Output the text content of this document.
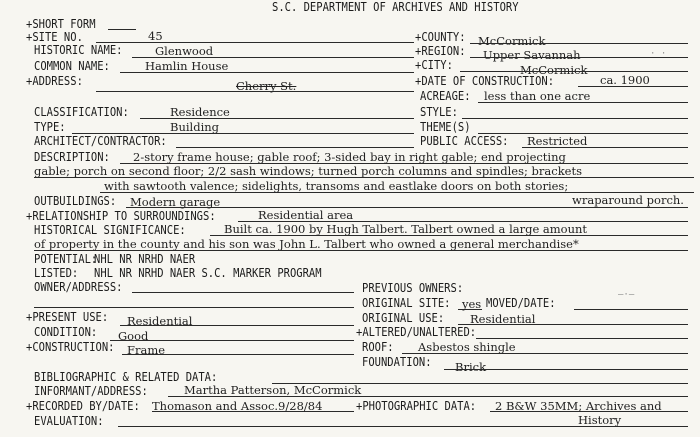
S.C. DEPARTMENT OF ARCHIVES AND HISTORY
+SHORT FORM
+SITE NO.	45	+COUNTY: McCormick
HISTORIC NAME:	Glenwood	+REGION: Upper Savannah	· ·
COMMON NAME:	Hamlin House	+CITY:	McCormick
+ADDRESS:	Cherry St.	+DATE OF CONSTRUCTION:	ca. 1900
ACREAGE: less than one acre
CLASSIFICATION:	Residence	STYLE:
TYPE:	Building	THEME(S)
ARCHITECT/CONTRACTOR:	PUBLIC ACCESS: Restricted
DESCRIPTION: 2-story frame house; gable roof; 3-sided bay in right gable; end projecting
gable; porch on second floor; 2/2 sash windows; turned porch columns and spindles; brackets
with sawtooth valence; sidelights, transoms and eastlake doors on both stories;
wraparound porch.
OUTBUILDINGS: Modern garage
+RELATIONSHIP TO SURROUNDINGS:	Residential area
HISTORICAL SIGNIFICANCE:	Built ca. 1900 by Hugh Talbert. Talbert owned a large amount
of property in the county and his son was John L. Talbert who owned a general merchandise*
POTENTIAL:
NHL NR NRHD NAER
LISTED: NHL NR NRHD NAER S.C. MARKER PROGRAM
OWNER/ADDRESS:	PREVIOUS OWNERS:
ORIGINAL SITE: yes MOVED/DATE:	–·–
+PRESENT USE: Residential	ORIGINAL USE: Residential
CONDITION: Good	+ALTERED/UNALTERED:
+CONSTRUCTION: Frame	ROOF: Asbestos shingle
FOUNDATION: Brick
BIBLIOGRAPHIC & RELATED DATA:
INFORMANT/ADDRESS:	Martha Patterson, McCormick
+RECORDED BY/DATE: Thomason and Assoc.9/28/84	+PHOTOGRAPHIC DATA: 2 B&W 35MM; Archives and
History
EVALUATION:
